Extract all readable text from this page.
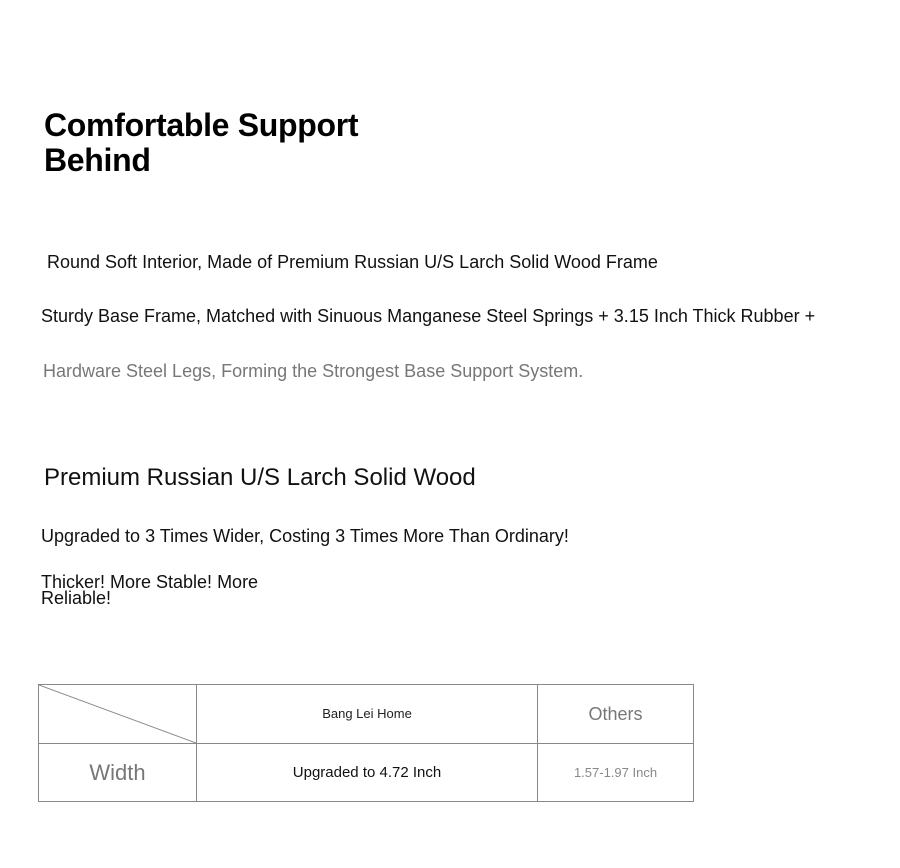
Comfortable Support
Behind
Round Soft Interior, Made of Premium Russian U/S Larch Solid Wood Frame
Sturdy Base Frame, Matched with Sinuous Manganese Steel Springs + 3.15 Inch Thick Rubber +
Hardware Steel Legs, Forming the Strongest Base Support System.
Premium Russian U/S Larch Solid Wood
Upgraded to 3 Times Wider, Costing 3 Times More Than Ordinary!
Thicker! More Stable! More
Reliable!
	Bang Lei Home	Others
Width	Upgraded to 4.72 Inch	1.57-1.97 Inch
